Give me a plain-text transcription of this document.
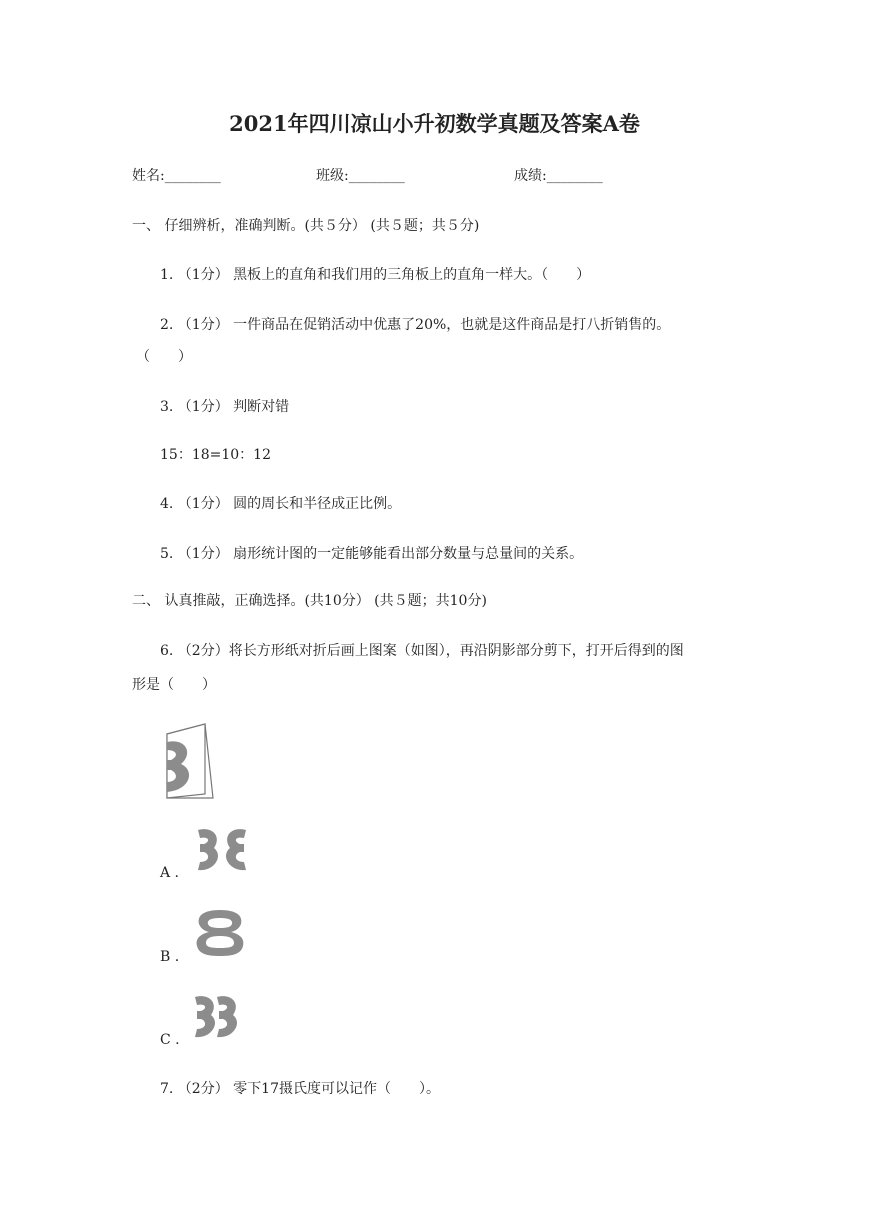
2021年四川凉山小升初数学真题及答案A卷
姓名:________	班级:________	成绩:________
一、 仔细辨析，准确判断。(共５分） (共５题；共５分)
1. （1分） 黑板上的直角和我们用的三角板上的直角一样大。（　　）
2. （1分） 一件商品在促销活动中优惠了20%，也就是这件商品是打八折销售的。
（　　）
3. （1分） 判断对错
15：18=10：12
4. （1分） 圆的周长和半径成正比例。
5. （1分） 扇形统计图的一定能够能看出部分数量与总量间的关系。
二、 认真推敲，正确选择。(共10分） (共５题；共10分)
6. （2分）将长方形纸对折后画上图案（如图），再沿阴影部分剪下，打开后得到的图
形是（　　）
A .
B .
C .
7. （2分） 零下17摄氏度可以记作（　　）。
